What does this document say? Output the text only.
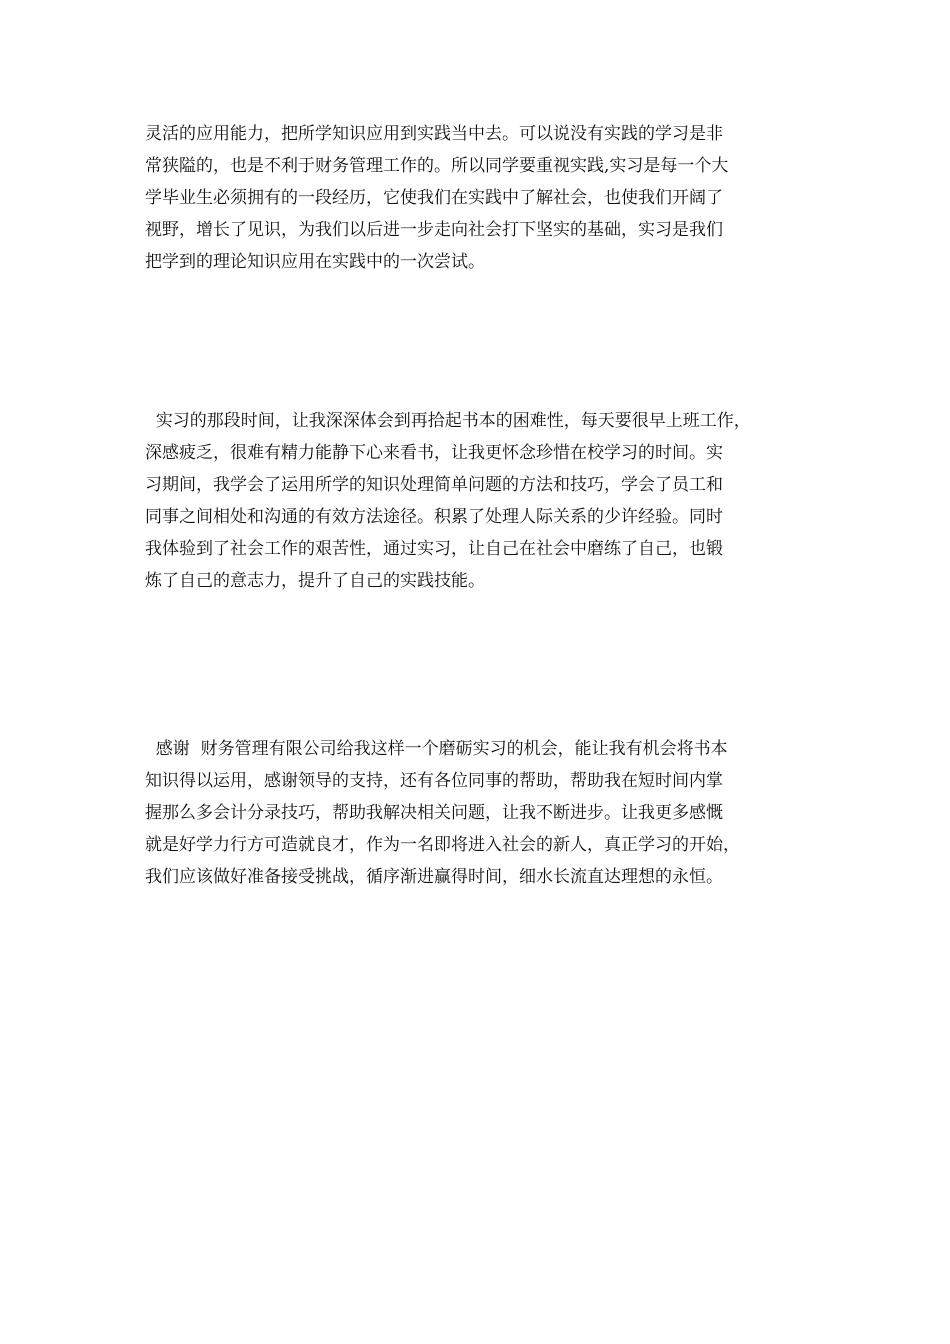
灵活的应用能力，把所学知识应用到实践当中去。可以说没有实践的学习是非
常狭隘的，也是不利于财务管理工作的。所以同学要重视实践,实习是每一个大
学毕业生必须拥有的一段经历，它使我们在实践中了解社会，也使我们开阔了
视野，增长了见识，为我们以后进一步走向社会打下坚实的基础，实习是我们
把学到的理论知识应用在实践中的一次尝试。
实习的那段时间，让我深深体会到再拾起书本的困难性，每天要很早上班工作，
深感疲乏，很难有精力能静下心来看书，让我更怀念珍惜在校学习的时间。实
习期间，我学会了运用所学的知识处理简单问题的方法和技巧，学会了员工和
同事之间相处和沟通的有效方法途径。积累了处理人际关系的少许经验。同时
我体验到了社会工作的艰苦性，通过实习，让自己在社会中磨练了自己，也锻
炼了自己的意志力，提升了自己的实践技能。
感谢  财务管理有限公司给我这样一个磨砺实习的机会，能让我有机会将书本
知识得以运用，感谢领导的支持，还有各位同事的帮助，帮助我在短时间内掌
握那么多会计分录技巧，帮助我解决相关问题，让我不断进步。让我更多感慨
就是好学力行方可造就良才，作为一名即将进入社会的新人，真正学习的开始，
我们应该做好准备接受挑战，循序渐进赢得时间，细水长流直达理想的永恒。
